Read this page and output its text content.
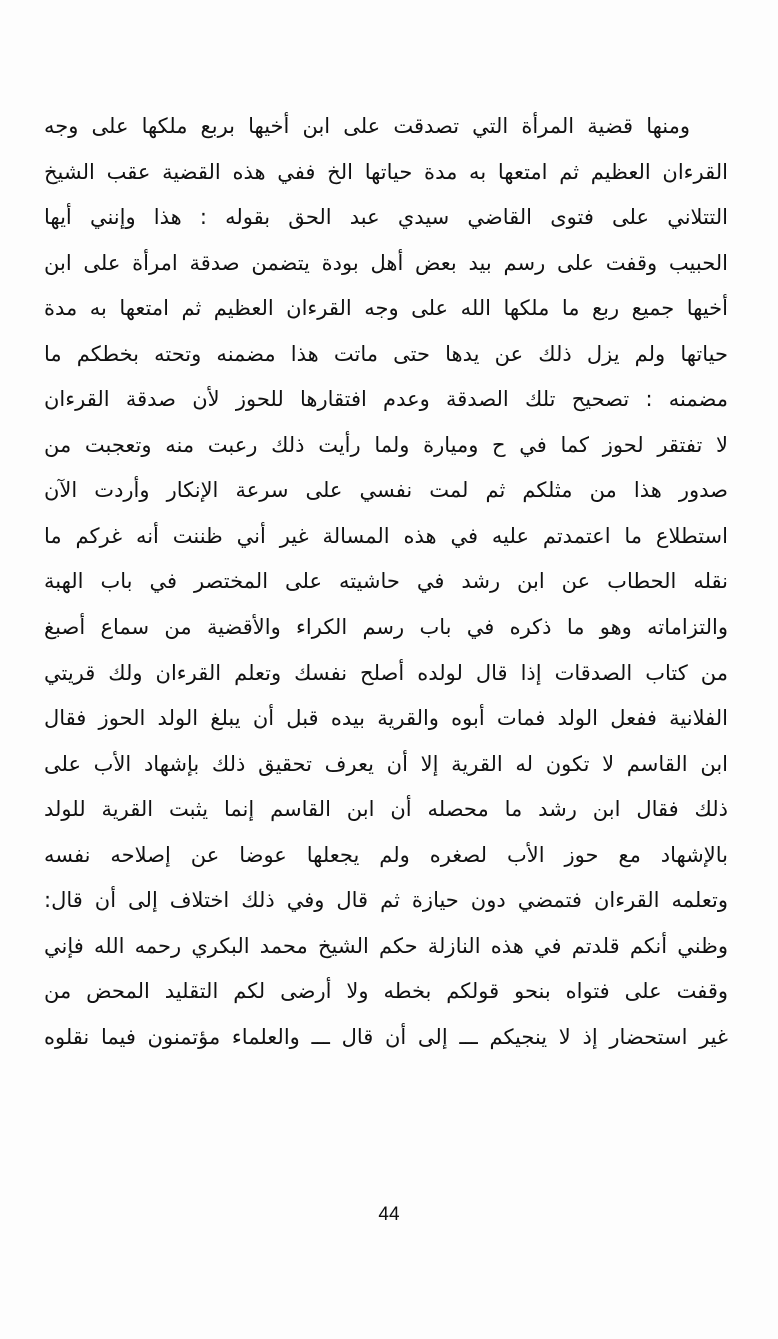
ومنها قضية المرأة التي تصدقت على ابن أخيها بربع ملكها على وجه
القرءان العظيم ثم امتعها به مدة حياتها الخ ففي هذه القضية عقب الشيخ
التتلاني على فتوى القاضي سيدي عبد الحق بقوله : هذا وإنني أيها
الحبيب وقفت على رسم بيد بعض أهل بودة يتضمن صدقة امرأة على ابن
أخيها جميع ربع ما ملكها الله على وجه القرءان العظيم ثم امتعها به مدة
حياتها ولم يزل ذلك عن يدها حتى ماتت هذا مضمنه وتحته بخطكم ما
مضمنه : تصحيح تلك الصدقة وعدم افتقارها للحوز لأن صدقة القرءان
لا تفتقر لحوز كما في ح وميارة ولما رأيت ذلك رعبت منه وتعجبت من
صدور هذا من مثلكم ثم لمت نفسي على سرعة الإنكار وأردت الآن
استطلاع ما اعتمدتم عليه في هذه المسالة غير أني ظننت أنه غركم ما
نقله الحطاب عن ابن رشد في حاشيته على المختصر في باب الهبة
والتزاماته وهو ما ذكره في باب رسم الكراء والأقضية من سماع أصبغ
من كتاب الصدقات إذا قال لولده أصلح نفسك وتعلم القرءان ولك قريتي
الفلانية ففعل الولد فمات أبوه والقرية بيده قبل أن يبلغ الولد الحوز فقال
ابن القاسم لا تكون له القرية إلا أن يعرف تحقيق ذلك بإشهاد الأب على
ذلك فقال ابن رشد ما محصله أن ابن القاسم إنما يثبت القرية للولد
بالإشهاد مع حوز الأب لصغره ولم يجعلها عوضا عن إصلاحه نفسه
وتعلمه القرءان فتمضي دون حيازة ثم قال وفي ذلك اختلاف إلى أن قال:
وظني أنكم قلدتم في هذه النازلة حكم الشيخ محمد البكري رحمه الله فإني
وقفت على فتواه بنحو قولكم بخطه ولا أرضى لكم التقليد المحض من
غير استحضار إذ لا ينجيكم ـــ إلى أن قال ـــ والعلماء مؤتمنون فيما نقلوه
44
